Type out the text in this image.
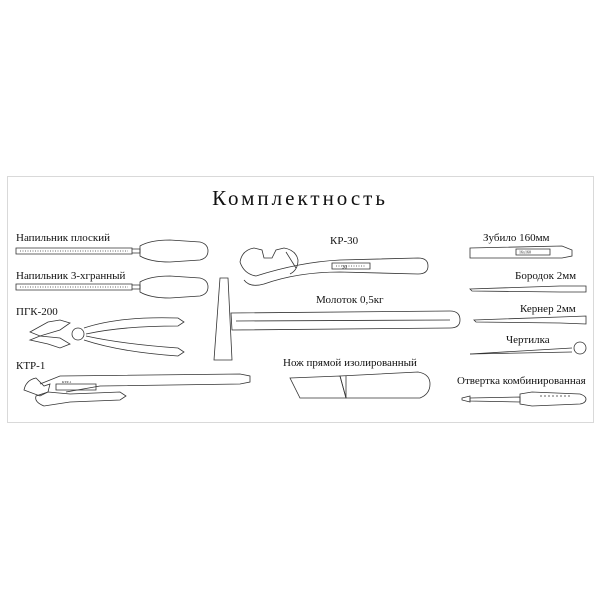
Комплектность
Напильник плоский
Напильник 3-хгранный
ПГК-200
КТР-1
КР-30
Молоток 0,5кг
Нож прямой изолированный
Зубило 160мм
Бородок 2мм
Кернер 2мм
Чертилка
Отвертка комбинированная
КТР-1
30
16x160
